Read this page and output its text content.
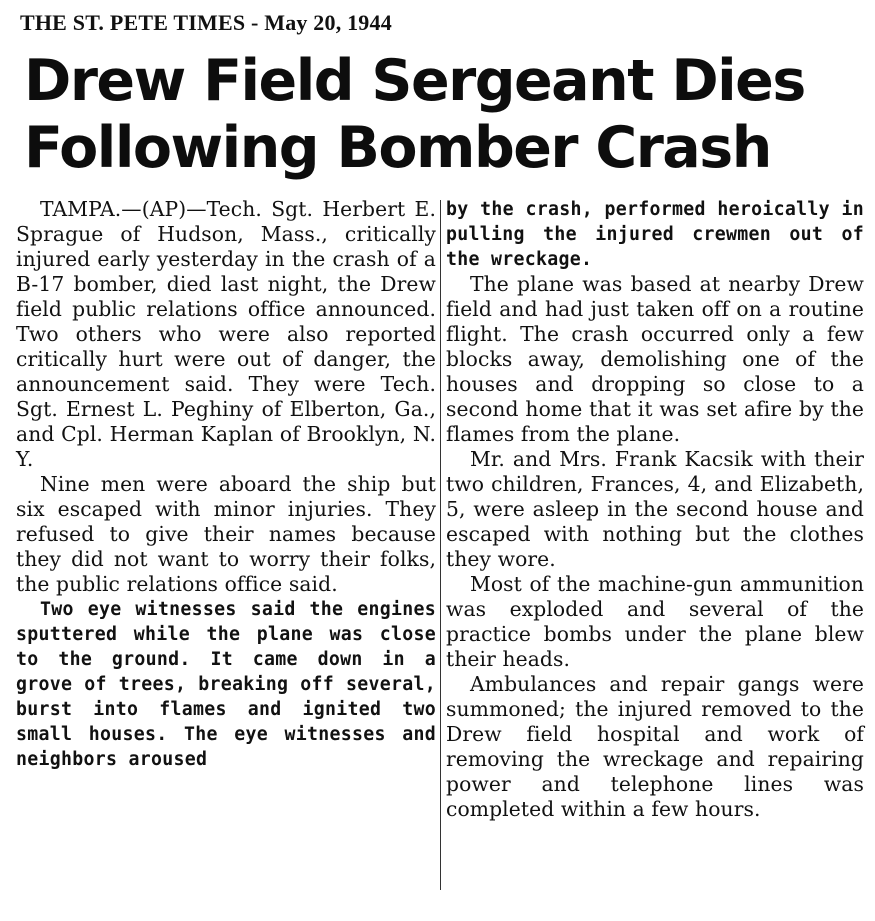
THE ST. PETE TIMES - May 20, 1944
Drew Field Sergeant Dies
Following Bomber Crash

TAMPA.—(AP)—Tech. Sgt. Herbert E. Sprague of Hudson, Mass., critically injured early yesterday in the crash of a B-17 bomber, died last night, the Drew field public relations office announced. Two others who were also reported critically hurt were out of danger, the announcement said. They were Tech. Sgt. Ernest L. Peghiny of Elberton, Ga., and Cpl. Herman Kaplan of Brooklyn, N. Y.

Nine men were aboard the ship but six escaped with minor injuries. They refused to give their names because they did not want to worry their folks, the public relations office said.

Two eye witnesses said the engines sputtered while the plane was close to the ground. It came down in a grove of trees, breaking off several, burst into flames and ignited two small houses. The eye witnesses and neighbors aroused

by the crash, performed heroically in pulling the injured crewmen out of the wreckage.

The plane was based at nearby Drew field and had just taken off on a routine flight. The crash occurred only a few blocks away, demolishing one of the houses and dropping so close to a second home that it was set afire by the flames from the plane.

Mr. and Mrs. Frank Kacsik with their two children, Frances, 4, and Elizabeth, 5, were asleep in the second house and escaped with nothing but the clothes they wore.

Most of the machine-gun ammunition was exploded and several of the practice bombs under the plane blew their heads.

Ambulances and repair gangs were summoned; the injured removed to the Drew field hospital and work of removing the wreckage and repairing power and telephone lines was completed within a few hours.
